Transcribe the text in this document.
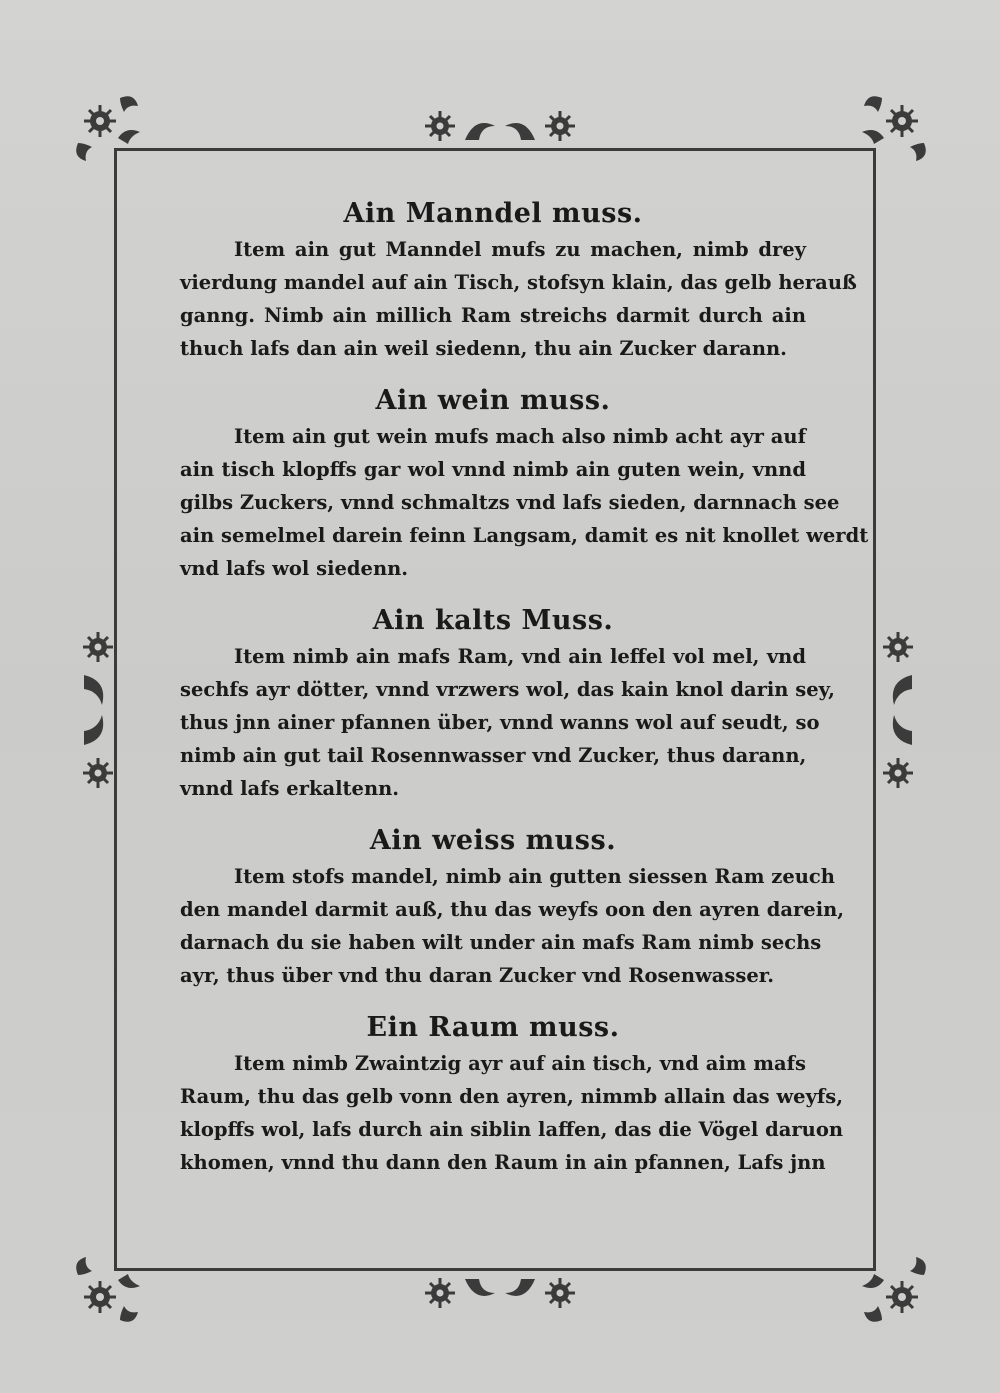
Ain Manndel muss.

Item ain gut Manndel mufs zu machen, nimb drey
vierdung mandel auf ain Tisch, stofsyn klain, das gelb herauß
ganng. Nimb ain millich Ram streichs darmit durch ain
thuch lafs dan ain weil siedenn, thu ain Zucker darann.

Ain wein muss.

Item ain gut wein mufs mach also nimb acht ayr auf
ain tisch klopffs gar wol vnnd nimb ain guten wein, vnnd
gilbs Zuckers, vnnd schmaltzs vnd lafs sieden, darnnach see
ain semelmel darein feinn Langsam, damit es nit knollet werdt
vnd lafs wol siedenn.

Ain kalts Muss.

Item nimb ain mafs Ram, vnd ain leffel vol mel, vnd
sechfs ayr dötter, vnnd vrzwers wol, das kain knol darin sey,
thus jnn ainer pfannen über, vnnd wanns wol auf seudt, so
nimb ain gut tail Rosennwasser vnd Zucker, thus darann,
vnnd lafs erkaltenn.

Ain weiss muss.

Item stofs mandel, nimb ain gutten siessen Ram zeuch
den mandel darmit auß, thu das weyfs oon den ayren darein,
darnach du sie haben wilt under ain mafs Ram nimb sechs
ayr, thus über vnd thu daran Zucker vnd Rosenwasser.

Ein Raum muss.

Item nimb Zwaintzig ayr auf ain tisch, vnd aim mafs
Raum, thu das gelb vonn den ayren, nimmb allain das weyfs,
klopffs wol, lafs durch ain siblin laffen, das die Vögel daruon
khomen, vnnd thu dann den Raum in ain pfannen, Lafs jnn
